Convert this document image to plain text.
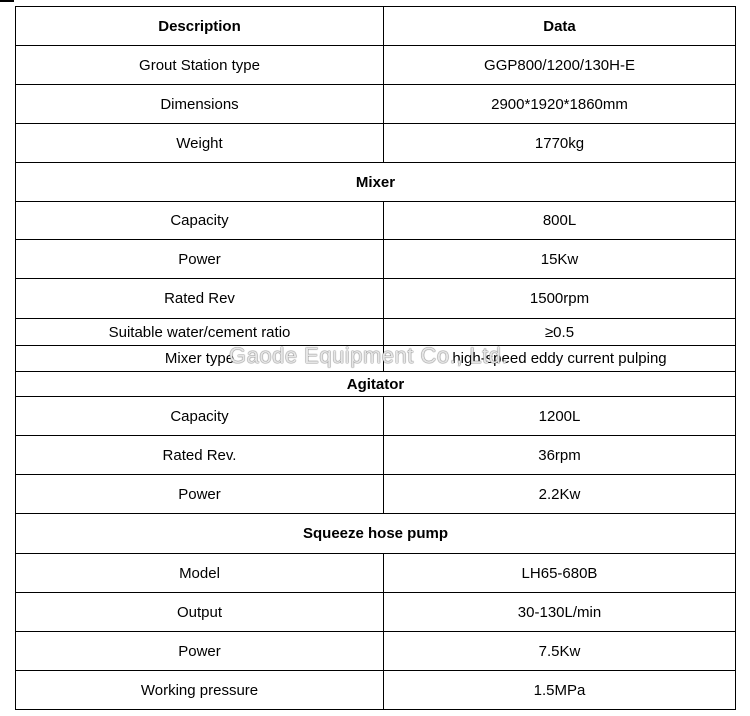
Description	Data
Grout Station type	GGP800/1200/130H-E
Dimensions	2900*1920*1860mm
Weight	1770kg
Mixer	
Capacity	800L
Power	15Kw
Rated Rev	1500rpm
Suitable water/cement ratio	≥0.5
Mixer type	high-speed eddy current pulping
Agitator	
Capacity	1200L
Rated Rev.	36rpm
Power	2.2Kw
Squeeze hose pump	
Model	LH65-680B
Output	30-130L/min
Power	7.5Kw
Working pressure	1.5MPa
Gaode Equipment Co., Ltd.
